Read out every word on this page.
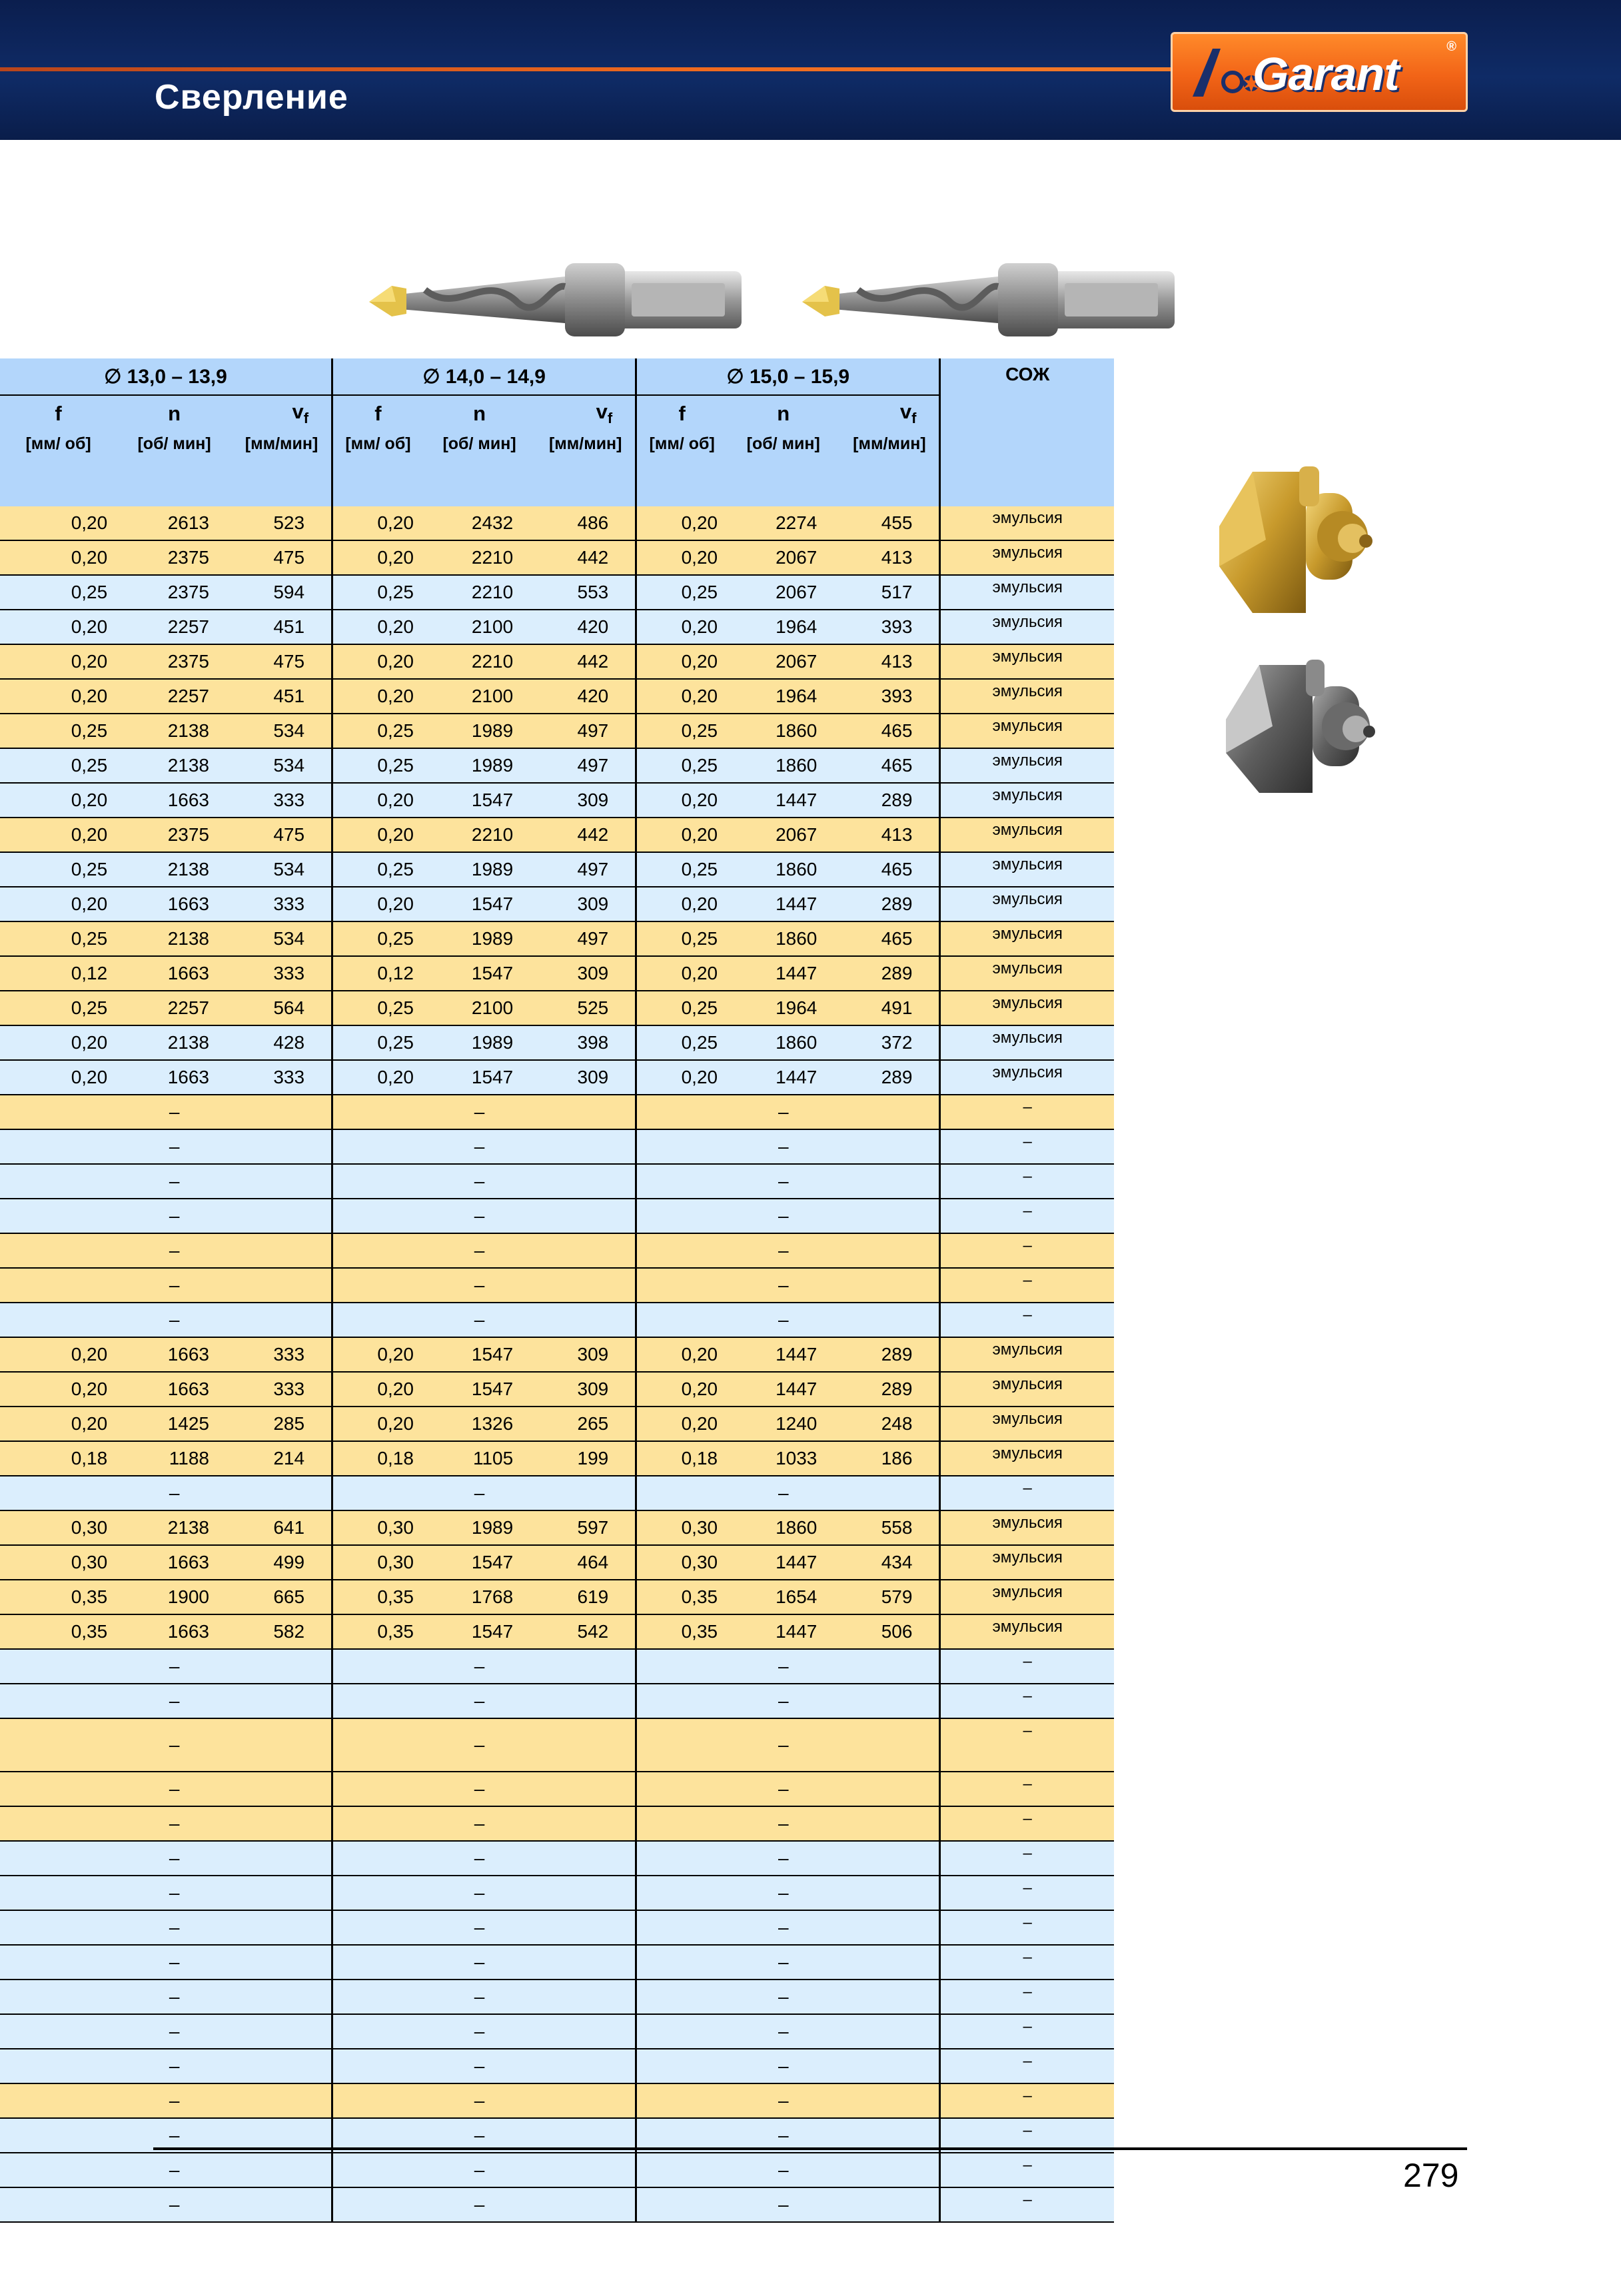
Сверление	Garant
®
∅ 13,0 – 13,9			∅ 14,0 – 14,9			∅ 15,0 – 15,9			СОЖ
f	n	$v_f$	f	n	$v_f$	f	n	$v_f$
[мм/ об]	[об/ мин]	[мм/мин]	[мм/ об]	[об/ мин]	[мм/мин]	[мм/ об]	[об/ мин]	[мм/мин]	
0,20	2613	523	0,20	2432	486	0,20	2274	455	эмульсия
0,20	2375	475	0,20	2210	442	0,20	2067	413	эмульсия
0,25	2375	594	0,25	2210	553	0,25	2067	517	эмульсия
0,20	2257	451	0,20	2100	420	0,20	1964	393	эмульсия
0,20	2375	475	0,20	2210	442	0,20	2067	413	эмульсия
0,20	2257	451	0,20	2100	420	0,20	1964	393	эмульсия
0,25	2138	534	0,25	1989	497	0,25	1860	465	эмульсия
0,25	2138	534	0,25	1989	497	0,25	1860	465	эмульсия
0,20	1663	333	0,20	1547	309	0,20	1447	289	эмульсия
0,20	2375	475	0,20	2210	442	0,20	2067	413	эмульсия
0,25	2138	534	0,25	1989	497	0,25	1860	465	эмульсия
0,20	1663	333	0,20	1547	309	0,20	1447	289	эмульсия
0,25	2138	534	0,25	1989	497	0,25	1860	465	эмульсия
0,12	1663	333	0,12	1547	309	0,20	1447	289	эмульсия
0,25	2257	564	0,25	2100	525	0,25	1964	491	эмульсия
0,20	2138	428	0,25	1989	398	0,25	1860	372	эмульсия
0,20	1663	333	0,20	1547	309	0,20	1447	289	эмульсия
	–			–			–		–
	–			–			–		–
	–			–			–		–
	–			–			–		–
	–			–			–		–
	–			–			–		–
	–			–			–		–
0,20	1663	333	0,20	1547	309	0,20	1447	289	эмульсия
0,20	1663	333	0,20	1547	309	0,20	1447	289	эмульсия
0,20	1425	285	0,20	1326	265	0,20	1240	248	эмульсия
0,18	1188	214	0,18	1105	199	0,18	1033	186	эмульсия
	–			–			–		–
0,30	2138	641	0,30	1989	597	0,30	1860	558	эмульсия
0,30	1663	499	0,30	1547	464	0,30	1447	434	эмульсия
0,35	1900	665	0,35	1768	619	0,35	1654	579	эмульсия
0,35	1663	582	0,35	1547	542	0,35	1447	506	эмульсия
	–			–			–		–
	–			–			–		–
	–			–			–		–
	–			–			–		–
	–			–			–		–
	–			–			–		–
	–			–			–		–
	–			–			–		–
	–			–			–		–
	–			–			–		–
	–			–			–		–
	–			–			–		–
	–			–			–		–
	–			–			–		–
	–			–			–		–
	–			–			–		–
279
